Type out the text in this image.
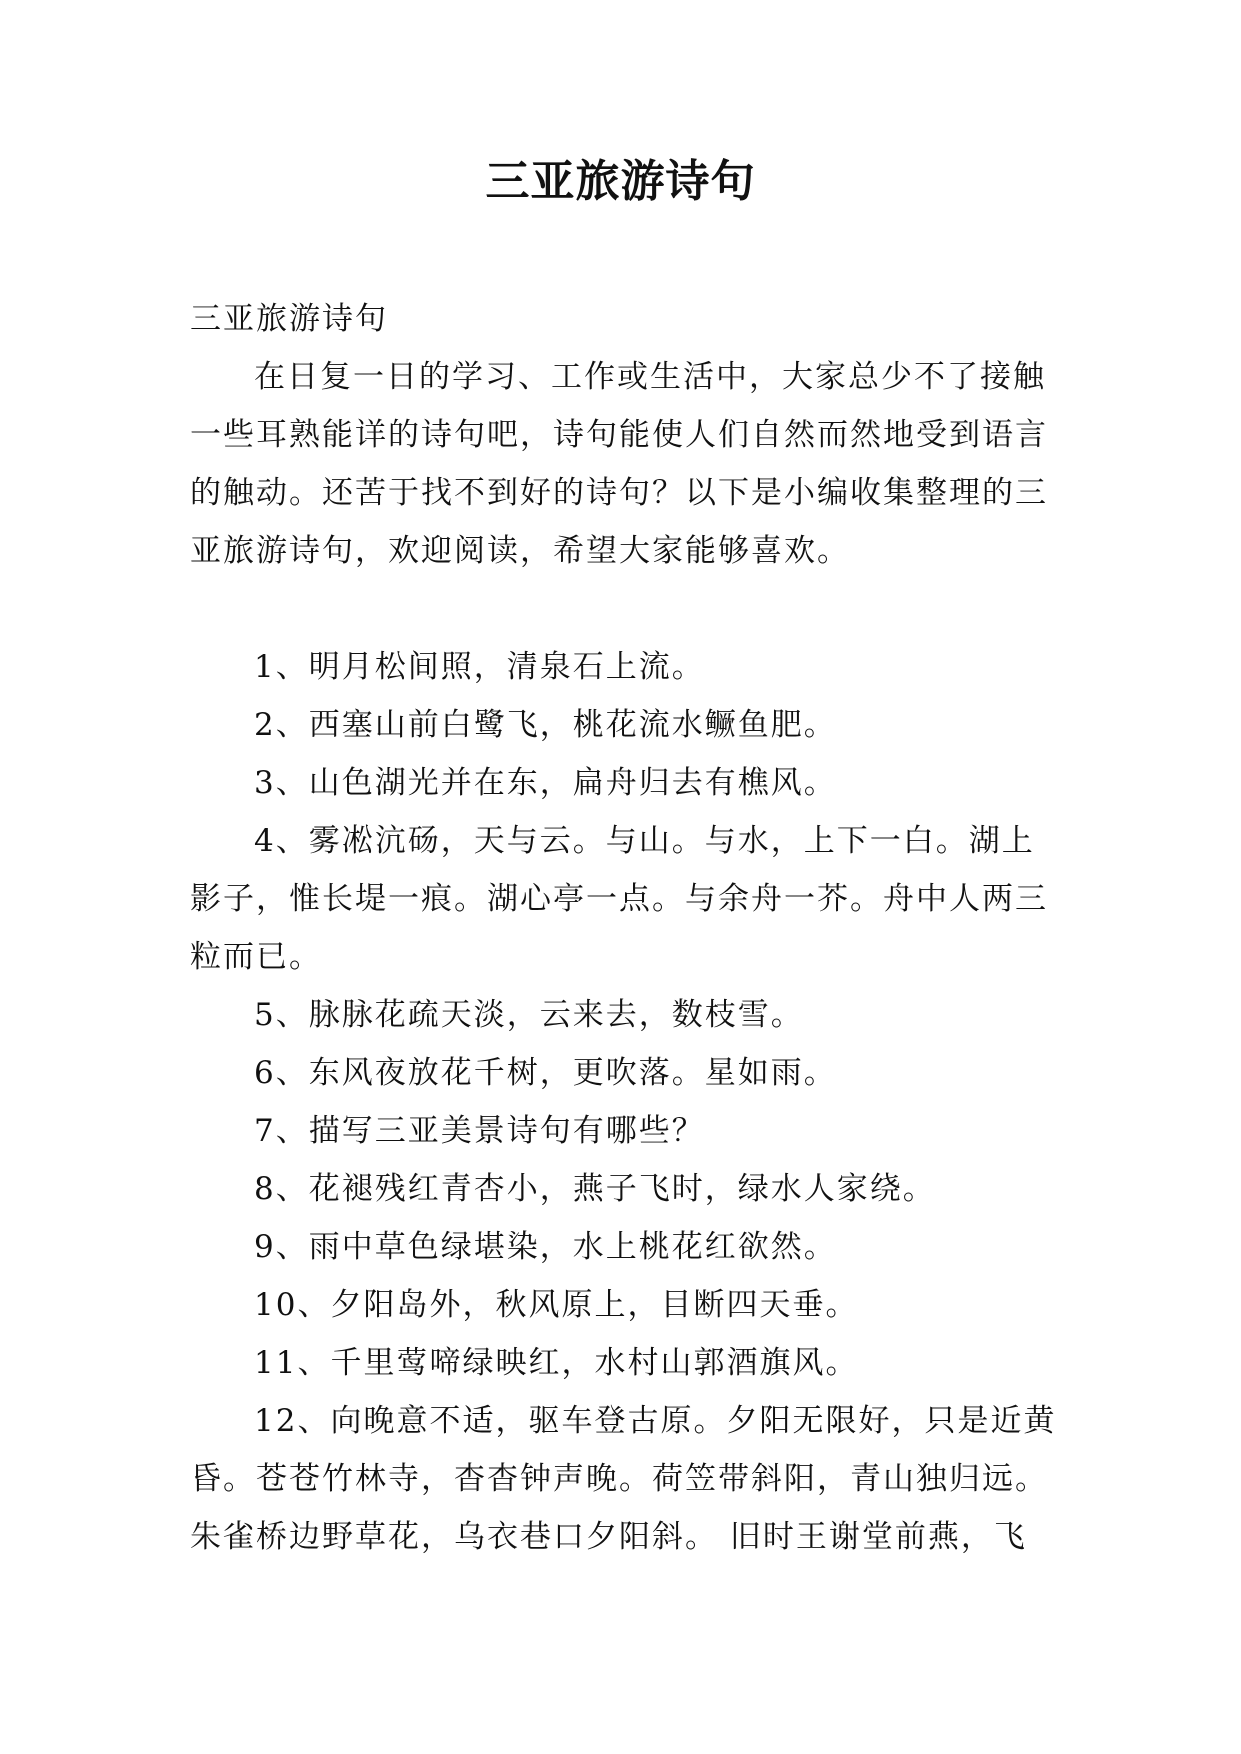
三亚旅游诗句
三亚旅游诗句
在日复一日的学习、工作或生活中，大家总少不了接触
一些耳熟能详的诗句吧，诗句能使人们自然而然地受到语言
的触动。还苦于找不到好的诗句？以下是小编收集整理的三
亚旅游诗句，欢迎阅读，希望大家能够喜欢。
1、明月松间照，清泉石上流。
2、西塞山前白鹭飞，桃花流水鳜鱼肥。
3、山色湖光并在东，扁舟归去有樵风。
4、雾凇沆砀，天与云。与山。与水，上下一白。湖上
影子，惟长堤一痕。湖心亭一点。与余舟一芥。舟中人两三
粒而已。
5、脉脉花疏天淡，云来去，数枝雪。
6、东风夜放花千树，更吹落。星如雨。
7、描写三亚美景诗句有哪些？
8、花褪残红青杏小，燕子飞时，绿水人家绕。
9、雨中草色绿堪染，水上桃花红欲然。
10、夕阳岛外，秋风原上，目断四天垂。
11、千里莺啼绿映红，水村山郭酒旗风。
12、向晚意不适，驱车登古原。夕阳无限好，只是近黄
昏。苍苍竹林寺，杳杳钟声晚。荷笠带斜阳，青山独归远。
朱雀桥边野草花，乌衣巷口夕阳斜。 旧时王谢堂前燕，飞
